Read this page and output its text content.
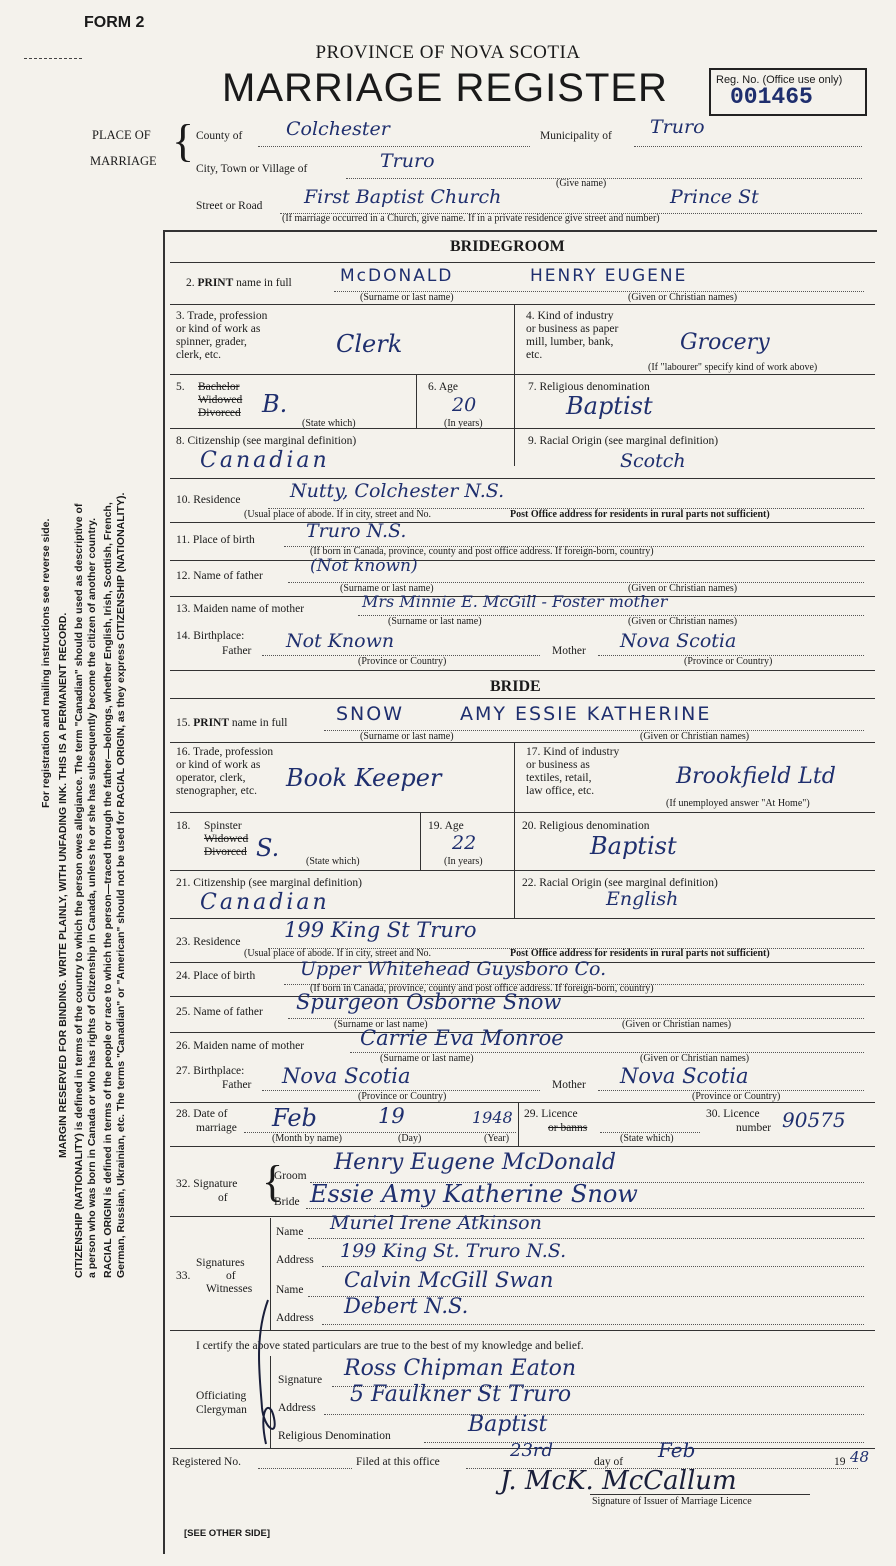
FORM 2
PROVINCE OF NOVA SCOTIA
MARRIAGE REGISTER	Reg. No. (Office use only)
001465
PLACE OF
MARRIAGE { County of Colchester	Municipality of Truro
City, Town or Village of	Truro
(Give name)
Street or Road First Baptist Church	Prince St
(If marriage occurred in a Church, give name. If in a private residence give street and number)
For registration and mailing instructions see reverse side. MARGIN RESERVED FOR BINDING. WRITE PLAINLY, WITH UNFADING INK. THIS IS A PERMANENT RECORD. CITIZENSHIP (NATIONALITY) is defined in terms of the country to which the person owes allegiance. The term "Canadian" should be used as descriptive of a person who was born in Canada or who has rights of Citizenship in Canada, unless he or she has subsequently become the citizen of another country. RACIAL ORIGIN is defined in terms of the people or race to which the person—traced through the father—belongs, whether English, Irish, Scottish, French, German, Russian, Ukrainian, etc. The terms "Canadian" or "American" should not be used for RACIAL ORIGIN, as they express CITIZENSHIP (NATIONALITY).
BRIDEGROOM
2. PRINT name in full	McDONALD	HENRY EUGENE
(Surname or last name)	(Given or Christian names)
3. Trade, profession
or kind of work as
spinner, grader,
clerk, etc.	Clerk
4. Kind of industry
or business as paper
mill, lumber, bank,
etc.	Grocery
(If "labourer" specify kind of work above)
5. Bachelor
Widowed
Divorced B.
(State which)
6. Age
20
(In years)
7. Religious denomination
Baptist
8. Citizenship (see marginal definition)
Canadian
9. Racial Origin (see marginal definition)
Scotch
10. Residence	Nutty, Colchester N.S.
(Usual place of abode. If in city, street and No.	Post Office address for residents in rural parts not sufficient)
11. Place of birth	Truro N.S.
(If born in Canada, province, county and post office address. If foreign-born, country)
12. Name of father	(Not known)
(Surname or last name)	(Given or Christian names)
13. Maiden name of mother	Mrs Minnie E. McGill - Foster mother
(Surname or last name)	(Given or Christian names)
14. Birthplace:
Father Not Known
(Province or Country)
Mother Nova Scotia
(Province or Country)
BRIDE
15. PRINT name in full	SNOW	AMY ESSIE KATHERINE
(Surname or last name)	(Given or Christian names)
16. Trade, profession
or kind of work as
operator, clerk,
stenographer, etc.	Book Keeper
17. Kind of industry
or business as
textiles, retail,
law office, etc.
Brookfield Ltd
(If unemployed answer "At Home")
18. Spinster
Widowed
Divorced S.	(State which)
19. Age
22
(In years)
20. Religious denomination
Baptist
21. Citizenship (see marginal definition)
Canadian
22. Racial Origin (see marginal definition)
English
23. Residence 199 King St Truro
(Usual place of abode. If in city, street and No.	Post Office address for residents in rural parts not sufficient)
24. Place of birth Upper Whitehead Guysboro Co.
(If born in Canada, province, county and post office address. If foreign-born, country)
25. Name of father Spurgeon Osborne Snow
(Surname or last name)	(Given or Christian names)
26. Maiden name of mother	Carrie Eva Monroe
(Surname or last name)	(Given or Christian names)
27. Birthplace:
Father Nova Scotia
(Province or Country)
Mother Nova Scotia
(Province or Country)
28. Date of
marriage Feb	19	1948
(Month by name)	(Day)	(Year)
29. Licence
or banns
(State which)
30. Licence
number 90575
32. Signature
of {
Groom
Henry Eugene McDonald
Bride Essie Amy Katherine Snow
Signatures
33.	of
Witnesses
Name Muriel Irene Atkinson
Address 199 King St. Truro N.S.
Name Calvin McGill Swan
Address Debert N.S.
I certify the above stated particulars are true to the best of my knowledge and belief.
Officiating
Clergyman
Signature Ross Chipman Eaton
Address
5 Faulkner St Truro
Religious Denomination	Baptist
Registered No.	Filed at this office
23rd
day of Feb	19 48
J. McK. McCallum
Signature of Issuer of Marriage Licence
[SEE OTHER SIDE]
